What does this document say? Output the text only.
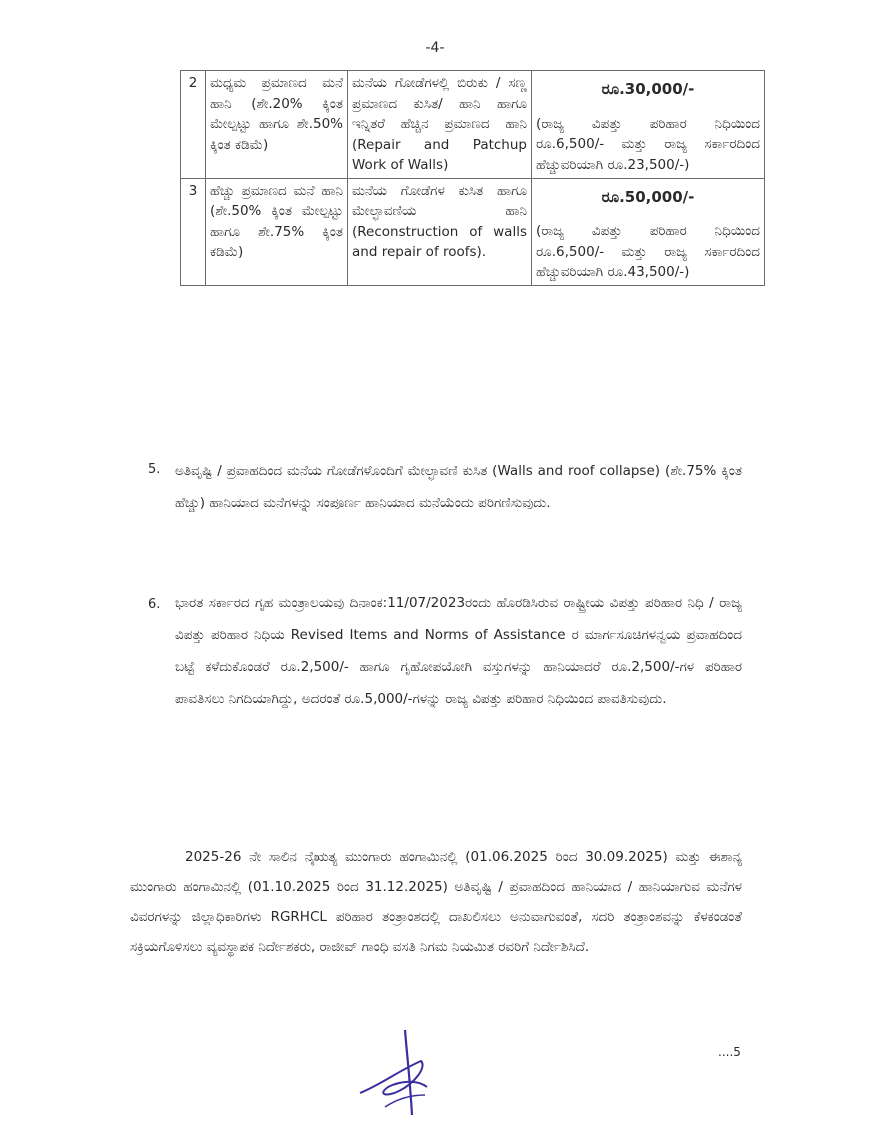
-4-
2	ಮಧ್ಯಮ ಪ್ರಮಾಣದ ಮನೆ ಹಾನಿ (ಶೇ.20% ಕ್ಕಿಂತ ಮೇಲ್ಪಟ್ಟು ಹಾಗೂ ಶೇ.50% ಕ್ಕಿಂತ ಕಡಿಮೆ)	ಮನೆಯ ಗೋಡೆಗಳಲ್ಲಿ ಬಿರುಕು / ಸಣ್ಣ ಪ್ರಮಾಣದ ಕುಸಿತ/ ಹಾನಿ ಹಾಗೂ ಇನ್ನಿತರೆ ಹೆಚ್ಚಿನ ಪ್ರಮಾಣದ ಹಾನಿ (Repair and Patchup Work of Walls)	ರೂ.30,000/-
(ರಾಜ್ಯ ವಿಪತ್ತು ಪರಿಹಾರ ನಿಧಿಯಿಂದ ರೂ.6,500/- ಮತ್ತು ರಾಜ್ಯ ಸರ್ಕಾರದಿಂದ ಹೆಚ್ಚುವರಿಯಾಗಿ ರೂ.23,500/-)

3	ಹೆಚ್ಚು ಪ್ರಮಾಣದ ಮನೆ ಹಾನಿ (ಶೇ.50% ಕ್ಕಿಂತ ಮೇಲ್ಪಟ್ಟು ಹಾಗೂ ಶೇ.75% ಕ್ಕಿಂತ ಕಡಿಮೆ)	ಮನೆಯ ಗೋಡೆಗಳ ಕುಸಿತ ಹಾಗೂ ಮೇಲ್ಛಾವಣಿಯ ಹಾನಿ (Reconstruction of walls and repair of roofs).	ರೂ.50,000/-
(ರಾಜ್ಯ ವಿಪತ್ತು ಪರಿಹಾರ ನಿಧಿಯಿಂದ ರೂ.6,500/- ಮತ್ತು ರಾಜ್ಯ ಸರ್ಕಾರದಿಂದ ಹೆಚ್ಚುವರಿಯಾಗಿ ರೂ.43,500/-)
5. ಅತಿವೃಷ್ಟಿ / ಪ್ರವಾಹದಿಂದ ಮನೆಯ ಗೋಡೆಗಳೊಂದಿಗೆ ಮೇಲ್ಛಾವಣಿ ಕುಸಿತ (Walls and roof collapse) (ಶೇ.75% ಕ್ಕಿಂತ ಹೆಚ್ಚು) ಹಾನಿಯಾದ ಮನೆಗಳನ್ನು ಸಂಪೂರ್ಣ ಹಾನಿಯಾದ ಮನೆಯೆಂದು ಪರಿಗಣಿಸುವುದು.
6. ಭಾರತ ಸರ್ಕಾರದ ಗೃಹ ಮಂತ್ರಾಲಯವು ದಿನಾಂಕ:11/07/2023ರಂದು ಹೊರಡಿಸಿರುವ ರಾಷ್ಟ್ರೀಯ ವಿಪತ್ತು ಪರಿಹಾರ ನಿಧಿ / ರಾಜ್ಯ ವಿಪತ್ತು ಪರಿಹಾರ ನಿಧಿಯ Revised Items and Norms of Assistance ರ ಮಾರ್ಗಸೂಚಿಗಳನ್ವಯ ಪ್ರವಾಹದಿಂದ ಬಟ್ಟೆ ಕಳೆದುಕೊಂಡರೆ ರೂ.2,500/- ಹಾಗೂ ಗೃಹೋಪಯೋಗಿ ವಸ್ತುಗಳನ್ನು ಹಾನಿಯಾದರೆ ರೂ.2,500/-ಗಳ ಪರಿಹಾರ ಪಾವತಿಸಲು ನಿಗದಿಯಾಗಿದ್ದು, ಅದರಂತೆ ರೂ.5,000/-ಗಳನ್ನು ರಾಜ್ಯ ವಿಪತ್ತು ಪರಿಹಾರ ನಿಧಿಯಿಂದ ಪಾವತಿಸುವುದು.
2025-26 ನೇ ಸಾಲಿನ ನೈಋತ್ಯ ಮುಂಗಾರು ಹಂಗಾಮಿನಲ್ಲಿ (01.06.2025 ರಿಂದ 30.09.2025) ಮತ್ತು ಈಶಾನ್ಯ ಮುಂಗಾರು ಹಂಗಾಮಿನಲ್ಲಿ (01.10.2025 ರಿಂದ 31.12.2025) ಅತಿವೃಷ್ಟಿ / ಪ್ರವಾಹದಿಂದ ಹಾನಿಯಾದ / ಹಾನಿಯಾಗುವ ಮನೆಗಳ ವಿವರಗಳನ್ನು ಜಿಲ್ಲಾಧಿಕಾರಿಗಳು RGRHCL ಪರಿಹಾರ ತಂತ್ರಾಂಶದಲ್ಲಿ ದಾಖಲಿಸಲು ಅನುವಾಗುವಂತೆ, ಸದರಿ ತಂತ್ರಾಂಶವನ್ನು ಕೆಳಕಂಡಂತೆ ಸಕ್ರಿಯಗೊಳಿಸಲು ವ್ಯವಸ್ಥಾಪಕ ನಿರ್ದೇಶಕರು, ರಾಜೀವ್ ಗಾಂಧಿ ವಸತಿ ನಿಗಮ ನಿಯಮಿತ ರವರಿಗೆ ನಿರ್ದೇಶಿಸಿದೆ.
....5
